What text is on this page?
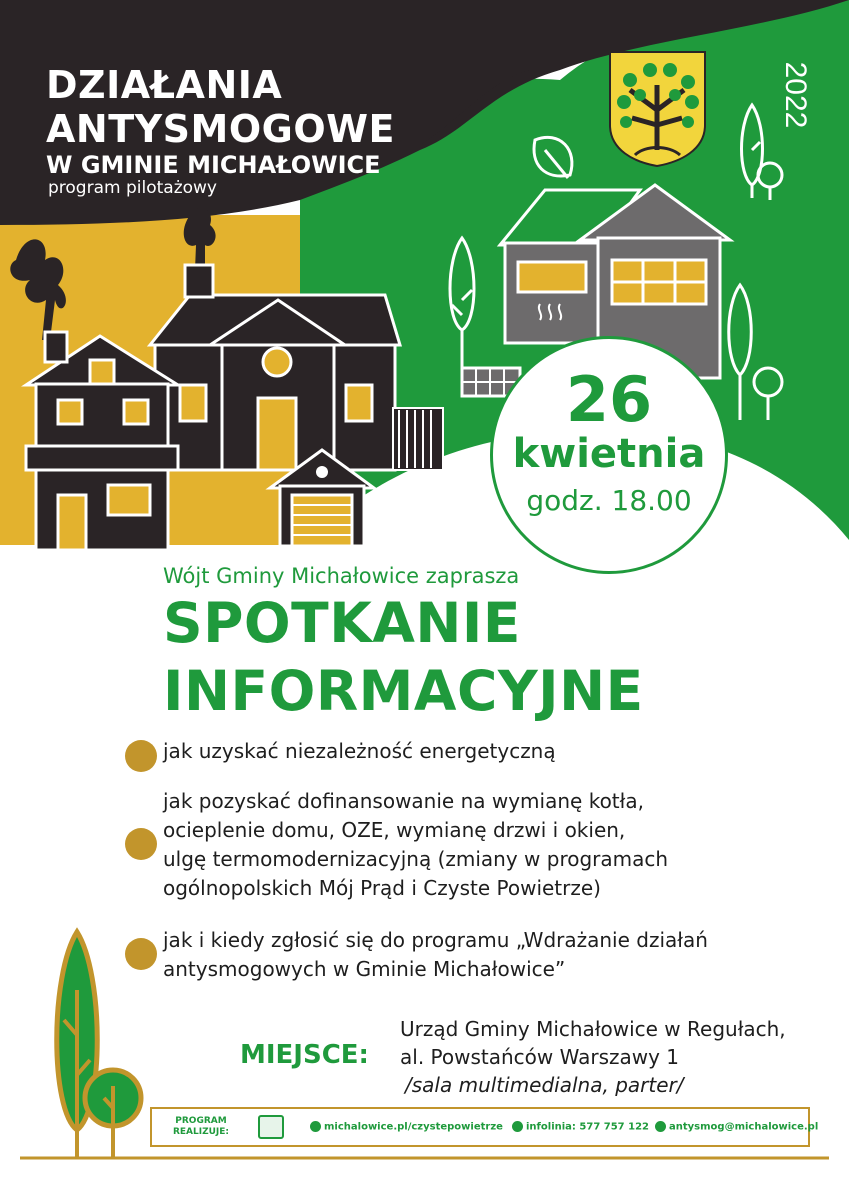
DZIAŁANIA
ANTYSMOGOWE
W GMINIE MICHAŁOWICE
program pilotażowy
2022
26
kwietnia
godz. 18.00
Wójt Gminy Michałowice zaprasza
SPOTKANIE
INFORMACYJNE
jak uzyskać niezależność energetyczną
jak pozyskać dofinansowanie na wymianę kotła,
ocieplenie domu, OZE, wymianę drzwi i okien,
ulgę termomodernizacyjną (zmiany w programach
ogólnopolskich Mój Prąd i Czyste Powietrze)
jak i kiedy zgłosić się do programu „Wdrażanie działań
antysmogowych w Gminie Michałowice”
MIEJSCE:
Urząd Gminy Michałowice w Regułach,
al. Powstańców Warszawy 1
/sala multimedialna, parter/
PROGRAM
REALIZUJE:	michalowice.pl/czystepowietrze	infolinia: 577 757 122	antysmog@michalowice.pl
